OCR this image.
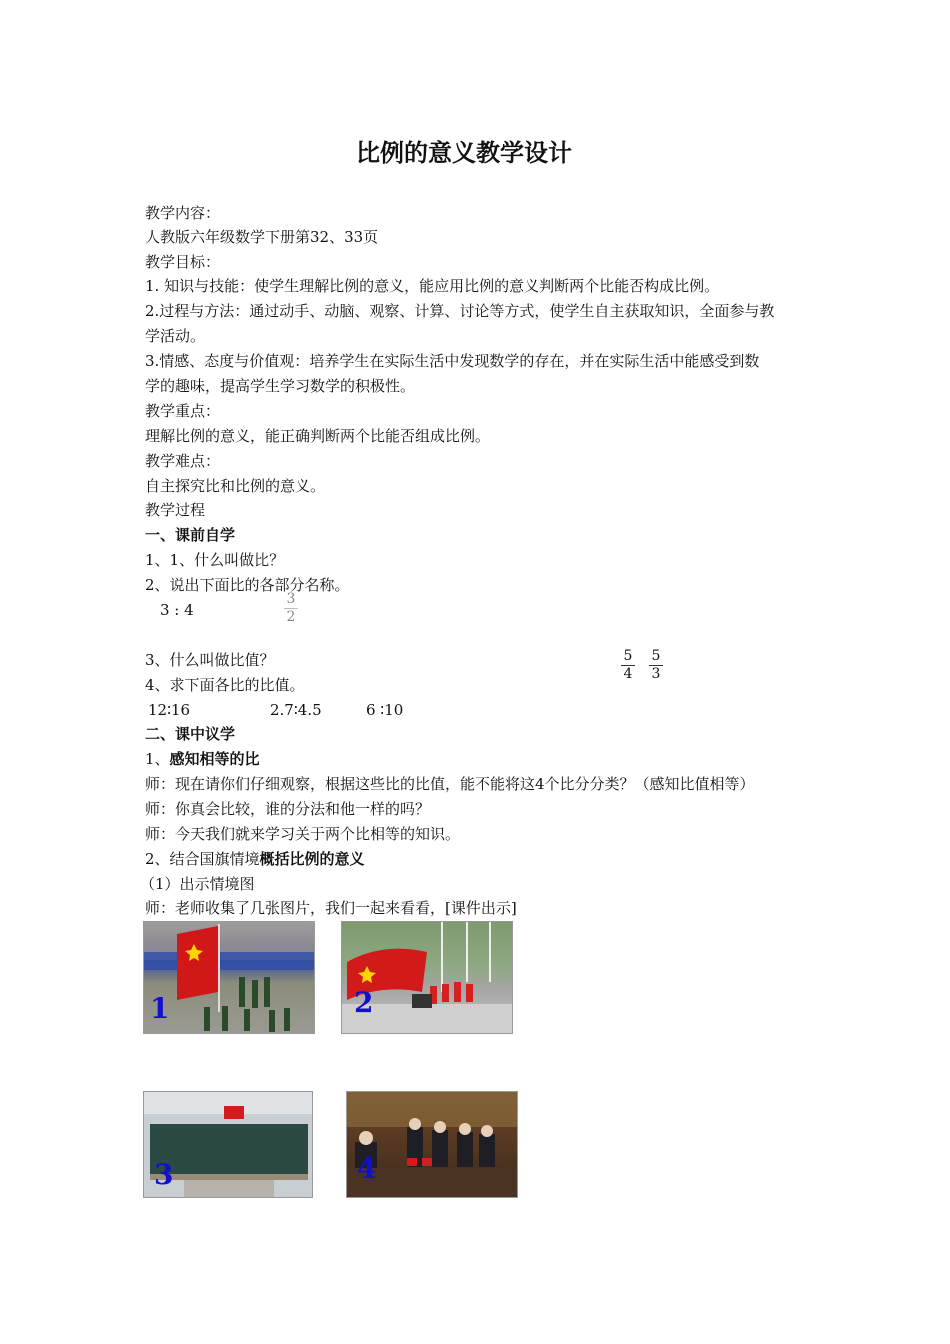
比例的意义教学设计
教学内容：
人教版六年级数学下册第32、33页
教学目标：
1. 知识与技能：使学生理解比例的意义，能应用比例的意义判断两个比能否构成比例。
2.过程与方法：通过动手、动脑、观察、计算、讨论等方式，使学生自主获取知识，全面参与教
学活动。
3.情感、态度与价值观：培养学生在实际生活中发现数学的存在，并在实际生活中能感受到数
学的趣味，提高学生学习数学的积极性。
教学重点：
理解比例的意义，能正确判断两个比能否组成比例。
教学难点：
自主探究比和比例的意义。
教学过程
一、课前自学
1、1、什么叫做比？
2、说出下面比的各部分名称。
3 : 4	$\frac{3}{2}$
3、什么叫做比值？	$\frac{5}{4} \frac{5}{3}$
4、求下面各比的比值。
12∶16	2.7∶4.5	6 ∶10
二、课中议学
1、感知相等的比
师：现在请你们仔细观察，根据这些比的比值，能不能将这4个比分分类？（感知比值相等）
师：你真会比较，谁的分法和他一样的吗？
师：今天我们就来学习关于两个比相等的知识。
2、结合国旗情境概括比例的意义
（1）出示情境图
师：老师收集了几张图片，我们一起来看看，[课件出示]
1	2
3	4
